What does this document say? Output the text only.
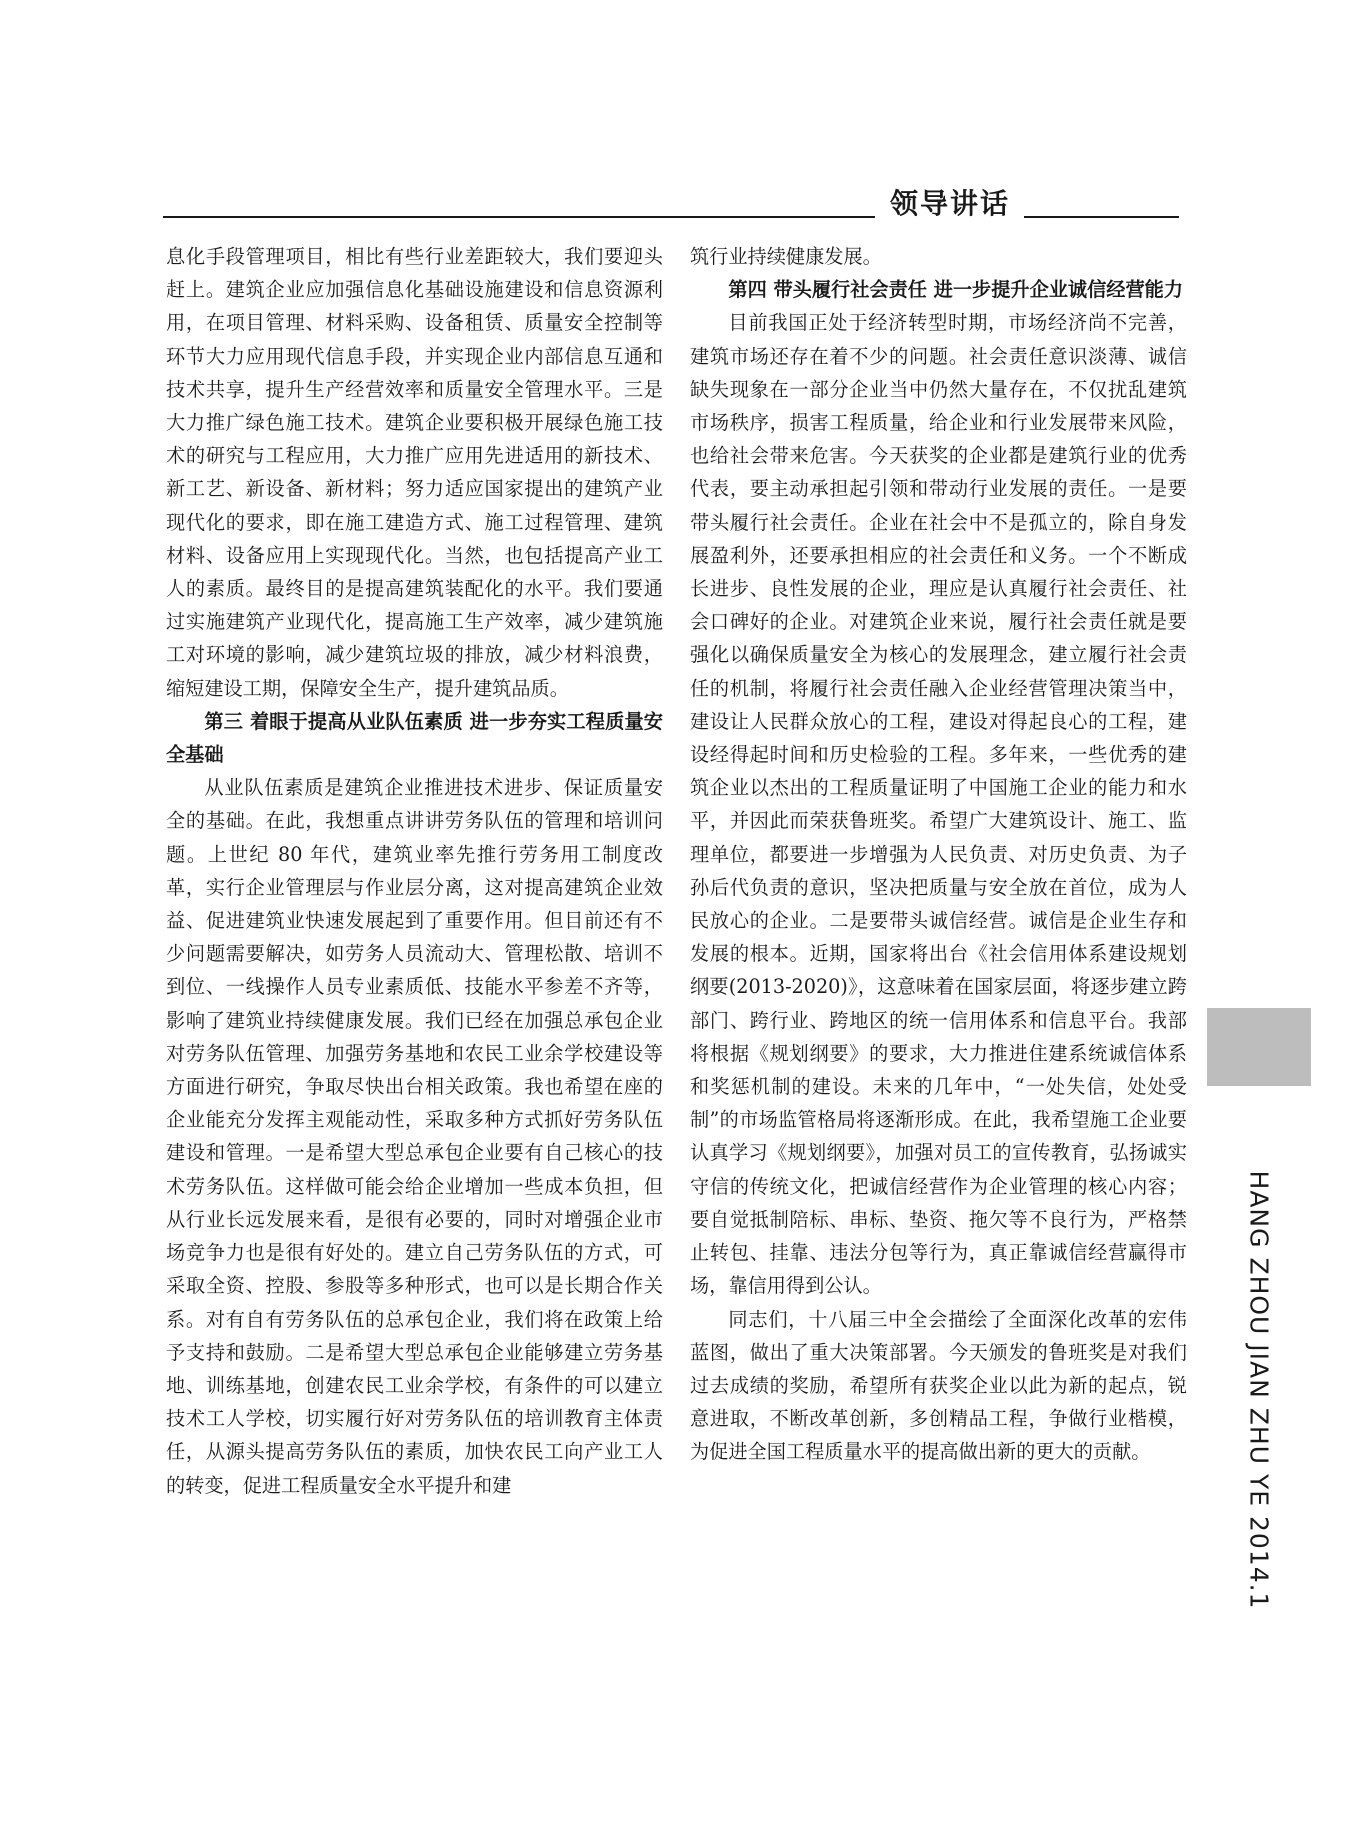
领导讲话

息化手段管理项目，相比有些行业差距较大，我们要迎头赶上。建筑企业应加强信息化基础设施建设和信息资源利用，在项目管理、材料采购、设备租赁、质量安全控制等环节大力应用现代信息手段，并实现企业内部信息互通和技术共享，提升生产经营效率和质量安全管理水平。三是大力推广绿色施工技术。建筑企业要积极开展绿色施工技术的研究与工程应用，大力推广应用先进适用的新技术、新工艺、新设备、新材料；努力适应国家提出的建筑产业现代化的要求，即在施工建造方式、施工过程管理、建筑材料、设备应用上实现现代化。当然，也包括提高产业工人的素质。最终目的是提高建筑装配化的水平。我们要通过实施建筑产业现代化，提高施工生产效率，减少建筑施工对环境的影响，减少建筑垃圾的排放，减少材料浪费，缩短建设工期，保障安全生产，提升建筑品质。

第三 着眼于提高从业队伍素质 进一步夯实工程质量安全基础

从业队伍素质是建筑企业推进技术进步、保证质量安全的基础。在此，我想重点讲讲劳务队伍的管理和培训问题。上世纪 80 年代，建筑业率先推行劳务用工制度改革，实行企业管理层与作业层分离，这对提高建筑企业效益、促进建筑业快速发展起到了重要作用。但目前还有不少问题需要解决，如劳务人员流动大、管理松散、培训不到位、一线操作人员专业素质低、技能水平参差不齐等，影响了建筑业持续健康发展。我们已经在加强总承包企业对劳务队伍管理、加强劳务基地和农民工业余学校建设等方面进行研究，争取尽快出台相关政策。我也希望在座的企业能充分发挥主观能动性，采取多种方式抓好劳务队伍建设和管理。一是希望大型总承包企业要有自己核心的技术劳务队伍。这样做可能会给企业增加一些成本负担，但从行业长远发展来看，是很有必要的，同时对增强企业市场竞争力也是很有好处的。建立自己劳务队伍的方式，可采取全资、控股、参股等多种形式，也可以是长期合作关系。对有自有劳务队伍的总承包企业，我们将在政策上给予支持和鼓励。二是希望大型总承包企业能够建立劳务基地、训练基地，创建农民工业余学校，有条件的可以建立技术工人学校，切实履行好对劳务队伍的培训教育主体责任，从源头提高劳务队伍的素质，加快农民工向产业工人的转变，促进工程质量安全水平提升和建

筑行业持续健康发展。

第四 带头履行社会责任 进一步提升企业诚信经营能力

目前我国正处于经济转型时期，市场经济尚不完善，建筑市场还存在着不少的问题。社会责任意识淡薄、诚信缺失现象在一部分企业当中仍然大量存在，不仅扰乱建筑市场秩序，损害工程质量，给企业和行业发展带来风险，也给社会带来危害。今天获奖的企业都是建筑行业的优秀代表，要主动承担起引领和带动行业发展的责任。一是要带头履行社会责任。企业在社会中不是孤立的，除自身发展盈利外，还要承担相应的社会责任和义务。一个不断成长进步、良性发展的企业，理应是认真履行社会责任、社会口碑好的企业。对建筑企业来说，履行社会责任就是要强化以确保质量安全为核心的发展理念，建立履行社会责任的机制，将履行社会责任融入企业经营管理决策当中，建设让人民群众放心的工程，建设对得起良心的工程，建设经得起时间和历史检验的工程。多年来，一些优秀的建筑企业以杰出的工程质量证明了中国施工企业的能力和水平，并因此而荣获鲁班奖。希望广大建筑设计、施工、监理单位，都要进一步增强为人民负责、对历史负责、为子孙后代负责的意识，坚决把质量与安全放在首位，成为人民放心的企业。二是要带头诚信经营。诚信是企业生存和发展的根本。近期，国家将出台《社会信用体系建设规划纲要(2013-2020)》，这意味着在国家层面，将逐步建立跨部门、跨行业、跨地区的统一信用体系和信息平台。我部将根据《规划纲要》的要求，大力推进住建系统诚信体系和奖惩机制的建设。未来的几年中，“一处失信，处处受制”的市场监管格局将逐渐形成。在此，我希望施工企业要认真学习《规划纲要》，加强对员工的宣传教育，弘扬诚实守信的传统文化，把诚信经营作为企业管理的核心内容；要自觉抵制陪标、串标、垫资、拖欠等不良行为，严格禁止转包、挂靠、违法分包等行为，真正靠诚信经营赢得市场，靠信用得到公认。

同志们，十八届三中全会描绘了全面深化改革的宏伟蓝图，做出了重大决策部署。今天颁发的鲁班奖是对我们过去成绩的奖励，希望所有获奖企业以此为新的起点，锐意进取，不断改革创新，多创精品工程，争做行业楷模，为促进全国工程质量水平的提高做出新的更大的贡献。	HANG ZHOU JIAN ZHU YE 2014.1
